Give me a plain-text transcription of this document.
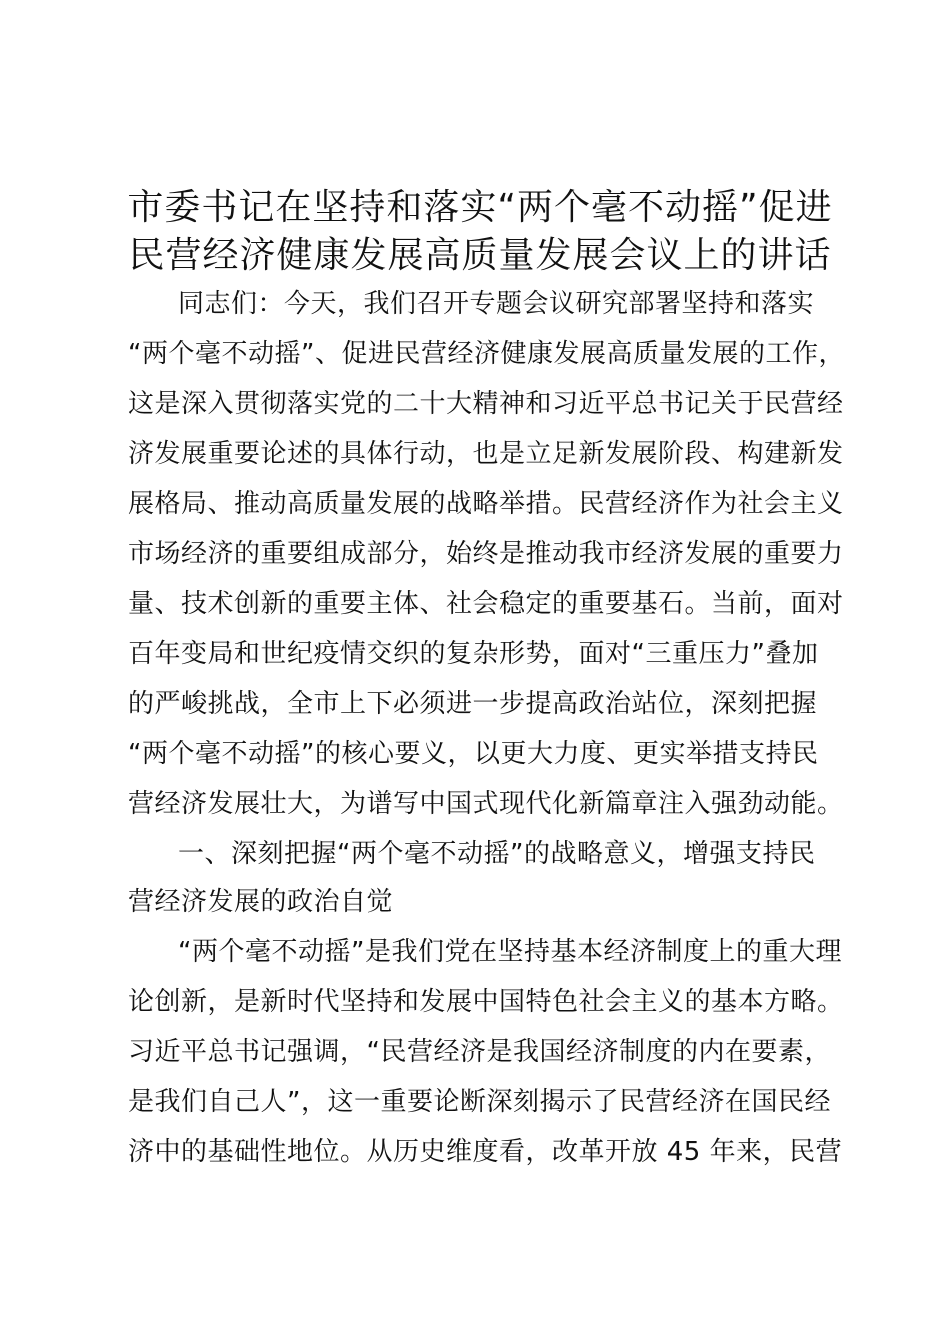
市委书记在坚持和落实“两个毫不动摇”促进
民营经济健康发展高质量发展会议上的讲话
同志们：今天，我们召开专题会议研究部署坚持和落实
“两个毫不动摇”、促进民营经济健康发展高质量发展的工作，
这是深入贯彻落实党的二十大精神和习近平总书记关于民营经
济发展重要论述的具体行动，也是立足新发展阶段、构建新发
展格局、推动高质量发展的战略举措。民营经济作为社会主义
市场经济的重要组成部分，始终是推动我市经济发展的重要力
量、技术创新的重要主体、社会稳定的重要基石。当前，面对
百年变局和世纪疫情交织的复杂形势，面对“三重压力”叠加
的严峻挑战，全市上下必须进一步提高政治站位，深刻把握
“两个毫不动摇”的核心要义，以更大力度、更实举措支持民
营经济发展壮大，为谱写中国式现代化新篇章注入强劲动能。
一、深刻把握“两个毫不动摇”的战略意义，增强支持民
营经济发展的政治自觉
“两个毫不动摇”是我们党在坚持基本经济制度上的重大理
论创新，是新时代坚持和发展中国特色社会主义的基本方略。
习近平总书记强调，“民营经济是我国经济制度的内在要素，
是我们自己人”，这一重要论断深刻揭示了民营经济在国民经
济中的基础性地位。从历史维度看，改革开放 45 年来，民营
